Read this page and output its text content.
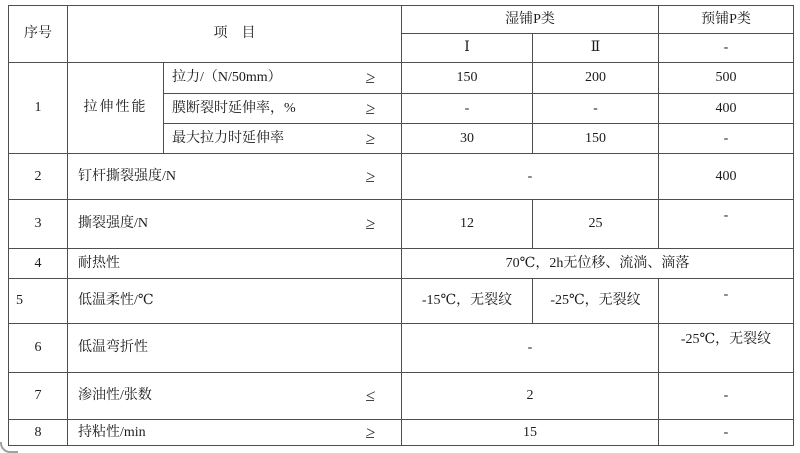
序号	项　目		湿铺P类		预铺P类
			Ⅰ	Ⅱ	-
1	拉伸性能	拉力/（N/50mm） ≥	150	200	500

		膜断裂时延伸率，% ≥	-	-	400

		最大拉力时延伸率 ≥	30	150	-
2	钉杆撕裂强度/N ≥		-		400
3	撕裂强度/N ≥		12	25	-
4	耐热性		70℃，2h无位移、流淌、滴落		
5	低温柔性/℃		-15℃，无裂纹	-25℃，无裂纹	-
6	低温弯折性		-		-25℃，无裂纹
7	渗油性/张数 ≤		2		-
8	持粘性/min ≥		15		-
